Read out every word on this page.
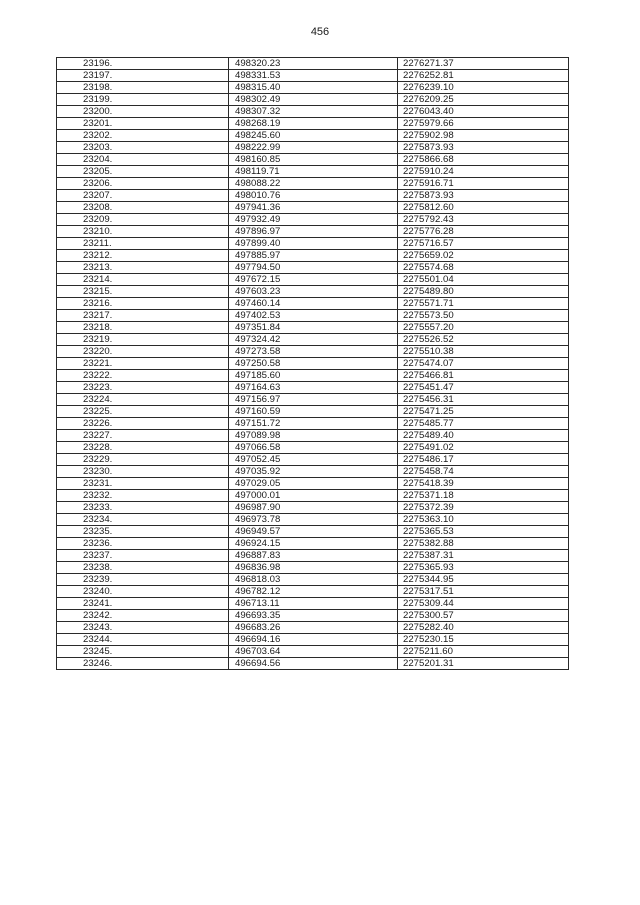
456
23196.	498320.23	2276271.37
23197.	498331.53	2276252.81
23198.	498315.40	2276239.10
23199.	498302.49	2276209.25
23200.	498307.32	2276043.40
23201.	498268.19	2275979.66
23202.	498245.60	2275902.98
23203.	498222.99	2275873.93
23204.	498160.85	2275866.68
23205.	498119.71	2275910.24
23206.	498088.22	2275916.71
23207.	498010.76	2275873.93
23208.	497941.36	2275812.60
23209.	497932.49	2275792.43
23210.	497896.97	2275776.28
23211.	497899.40	2275716.57
23212.	497885.97	2275659.02
23213.	497794.50	2275574.68
23214.	497672.15	2275501.04
23215.	497603.23	2275489.80
23216.	497460.14	2275571.71
23217.	497402.53	2275573.50
23218.	497351.84	2275557.20
23219.	497324.42	2275526.52
23220.	497273.58	2275510.38
23221.	497250.58	2275474.07
23222.	497185.60	2275466.81
23223.	497164.63	2275451.47
23224.	497156.97	2275456.31
23225.	497160.59	2275471.25
23226.	497151.72	2275485.77
23227.	497089.98	2275489.40
23228.	497066.58	2275491.02
23229.	497052.45	2275486.17
23230.	497035.92	2275458.74
23231.	497029.05	2275418.39
23232.	497000.01	2275371.18
23233.	496987.90	2275372.39
23234.	496973.78	2275363.10
23235.	496949.57	2275365.53
23236.	496924.15	2275382.88
23237.	496887.83	2275387.31
23238.	496836.98	2275365.93
23239.	496818.03	2275344.95
23240.	496782.12	2275317.51
23241.	496713.11	2275309.44
23242.	496693.35	2275300.57
23243.	496683.26	2275282.40
23244.	496694.16	2275230.15
23245.	496703.64	2275211.60
23246.	496694.56	2275201.31
